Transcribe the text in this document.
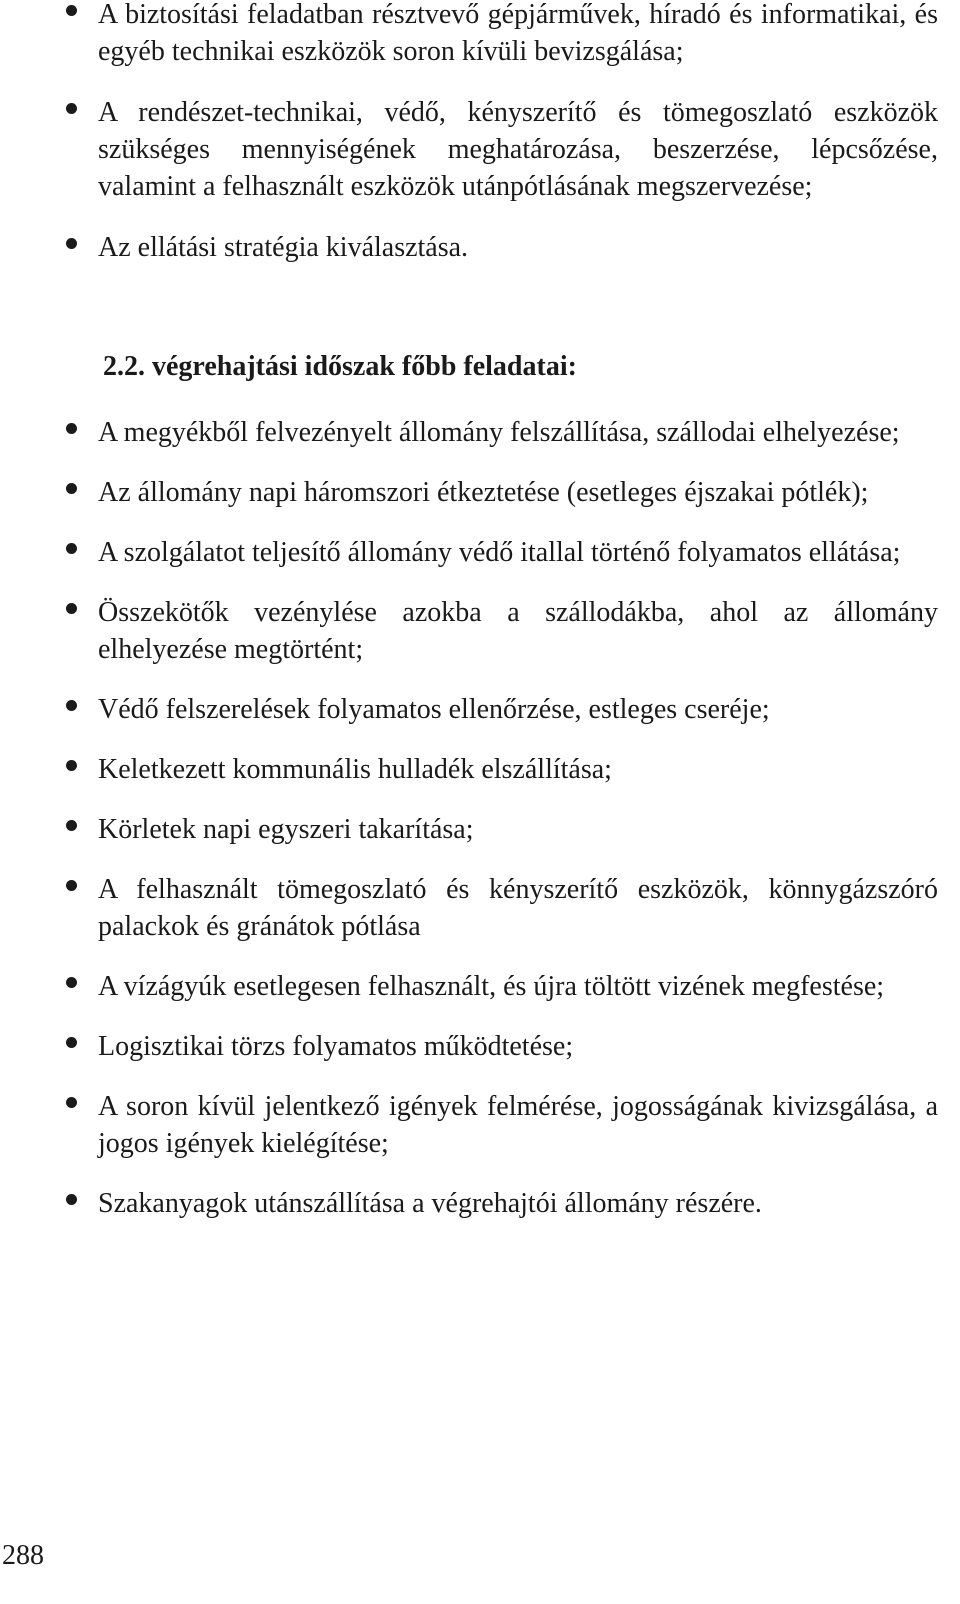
A biztosítási feladatban résztvevő gépjárművek, híradó és informatikai, és egyéb technikai eszközök soron kívüli bevizsgálása;
A rendészet-technikai, védő, kényszerítő és tömegoszlató eszközök szükséges mennyiségének meghatározása, beszerzése, lépcsőzése, valamint a felhasznált eszközök utánpótlásának megszervezése;
Az ellátási stratégia kiválasztása.
2.2. végrehajtási időszak főbb feladatai:
A megyékből felvezényelt állomány felszállítása, szállodai elhelyezése;
Az állomány napi háromszori étkeztetése (esetleges éjszakai pótlék);
A szolgálatot teljesítő állomány védő itallal történő folyamatos ellátása;
Összekötők vezénylése azokba a szállodákba, ahol az állomány elhelyezése megtörtént;
Védő felszerelések folyamatos ellenőrzése, estleges cseréje;
Keletkezett kommunális hulladék elszállítása;
Körletek napi egyszeri takarítása;
A felhasznált tömegoszlató és kényszerítő eszközök, könnygázszóró palackok és gránátok pótlása
A vízágyúk esetlegesen felhasznált, és újra töltött vizének megfestése;
Logisztikai törzs folyamatos működtetése;
A soron kívül jelentkező igények felmérése, jogosságának kivizsgálása, a jogos igények kielégítése;
Szakanyagok utánszállítása a végrehajtói állomány részére.
288
